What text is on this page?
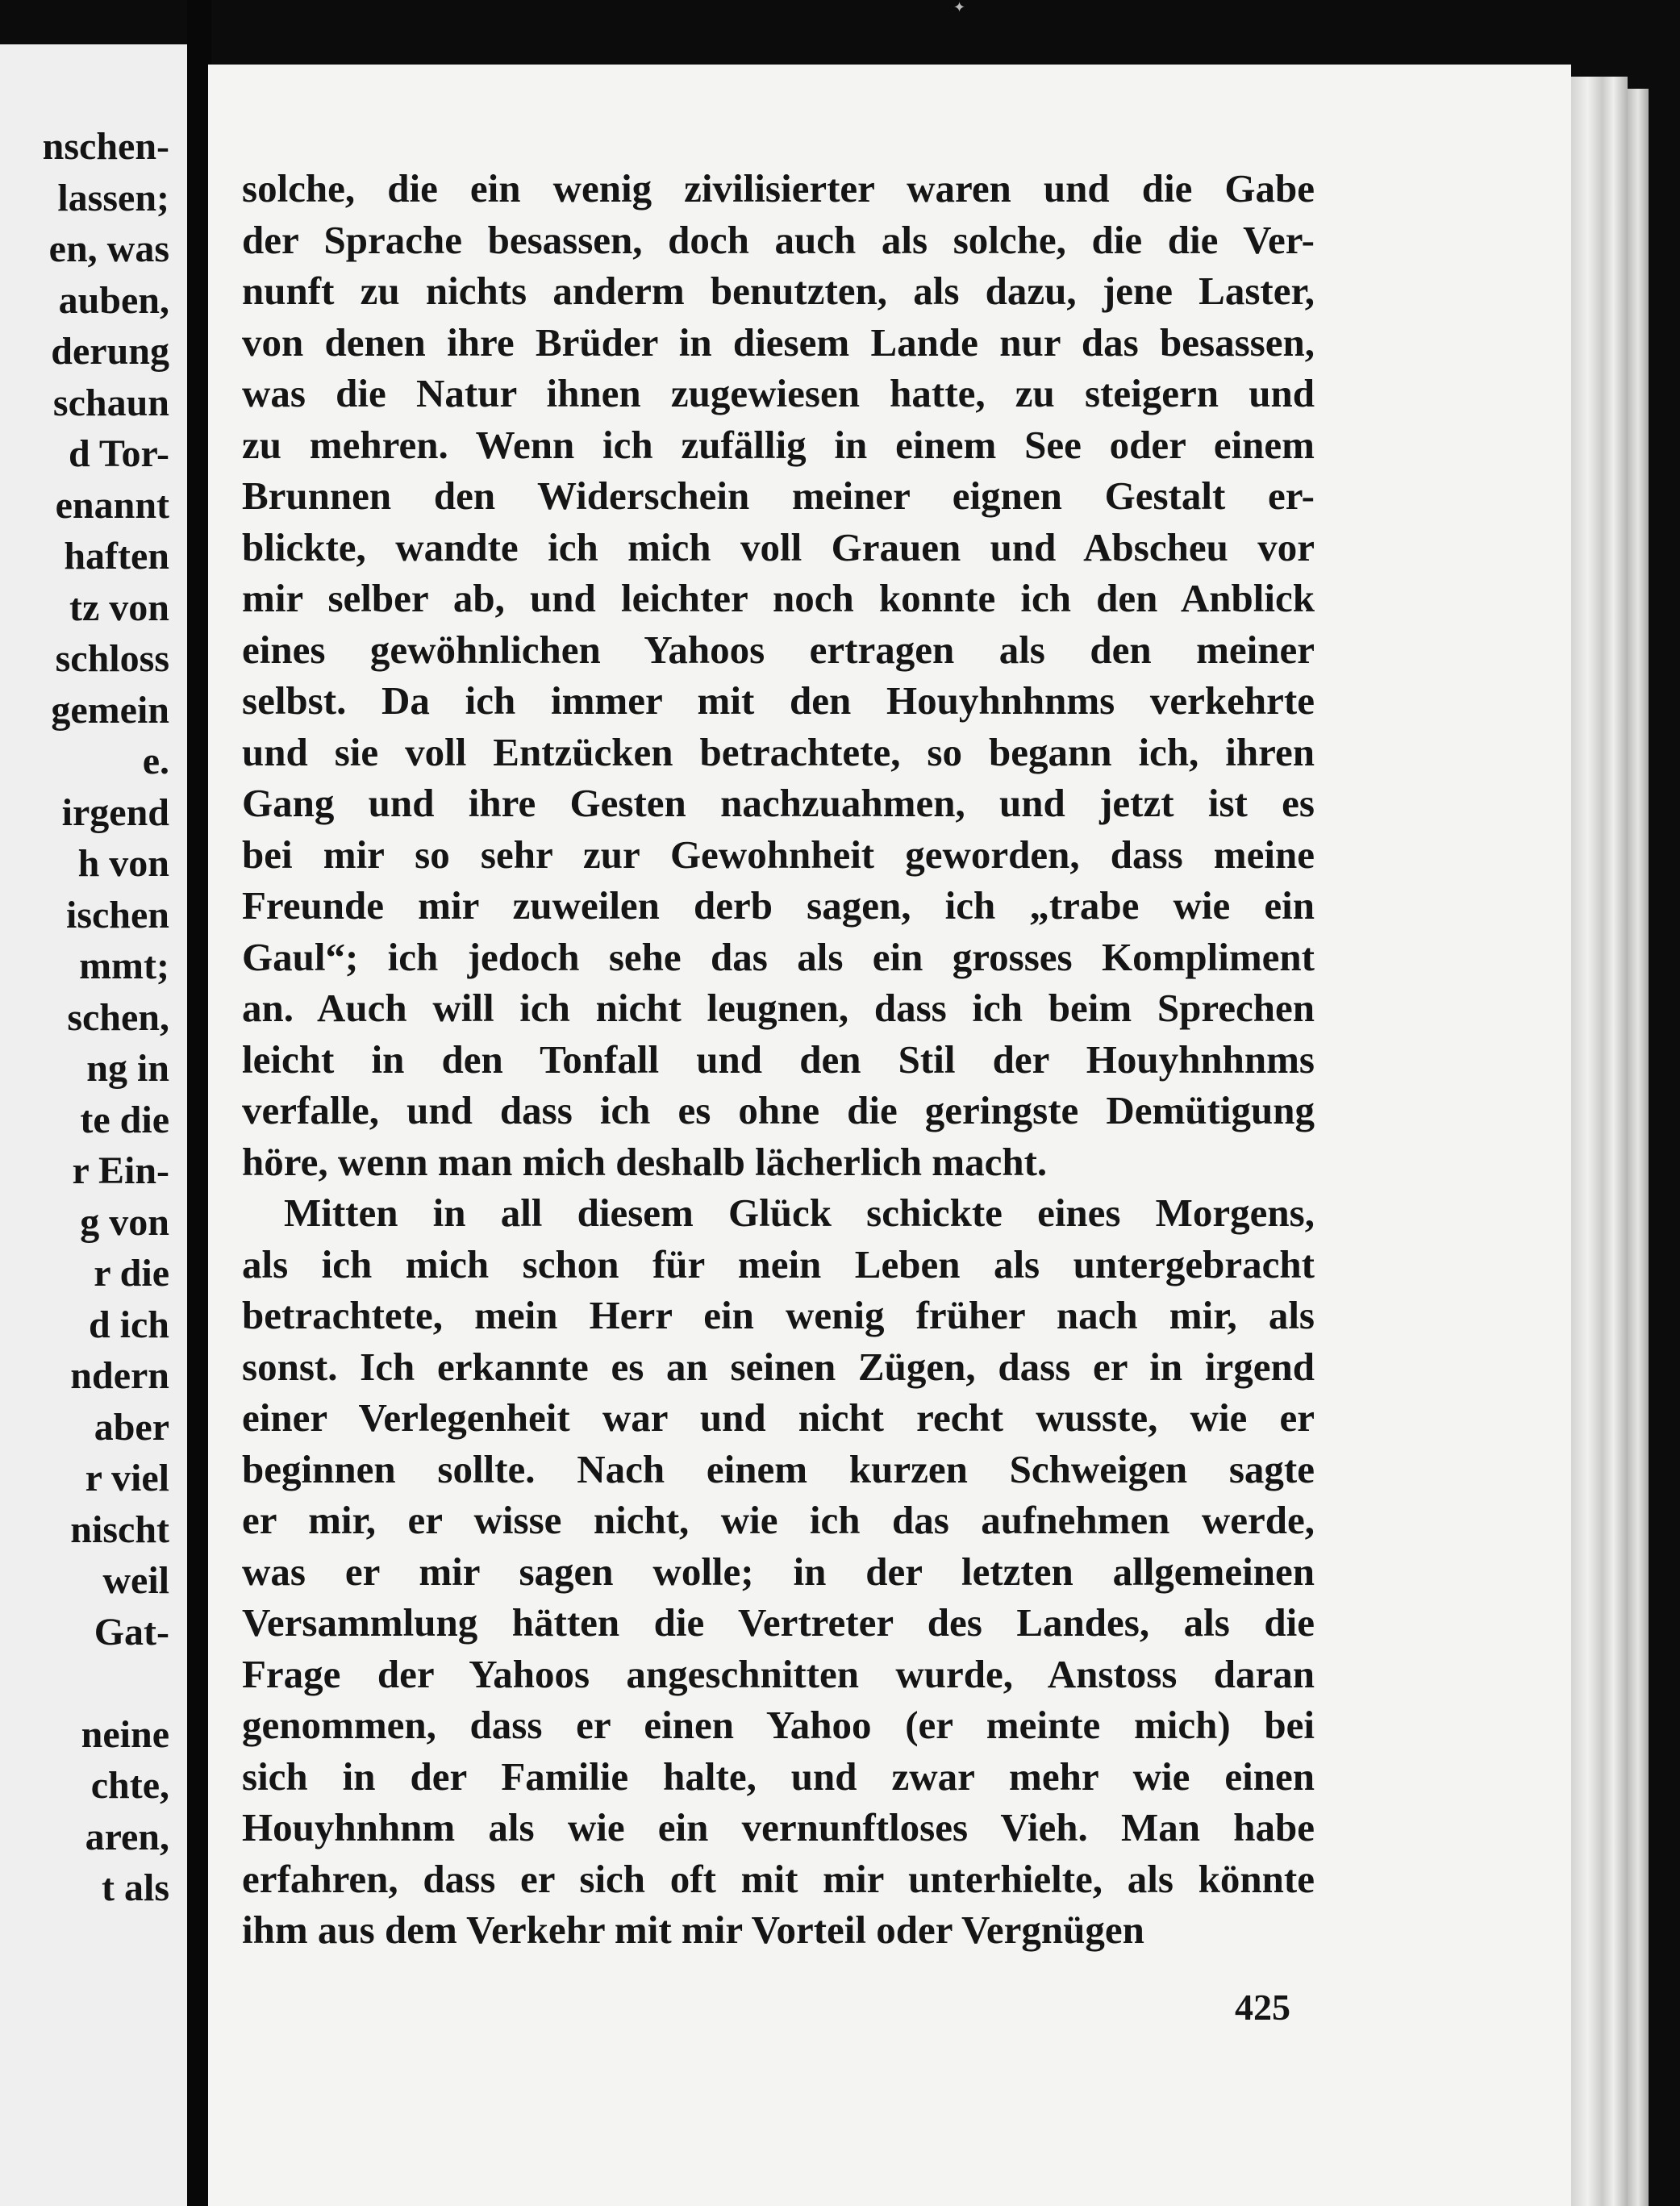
nschen-
lassen;
en, was
auben,
derung
schaun
d Tor-
enannt
haften
tz von
schloss
gemein
e.
irgend
h von
ischen
mmt;
schen,
ng in
te die
r Ein-
g von
r die
d ich
ndern
aber
r viel
nischt
weil
Gat-
neine
chte,
aren,
t als
✦
solche, die ein wenig zivilisierter waren und die Gabe
der Sprache besassen, doch auch als solche, die die Ver-
nunft zu nichts anderm benutzten, als dazu, jene Laster,
von denen ihre Brüder in diesem Lande nur das besassen,
was die Natur ihnen zugewiesen hatte, zu steigern und
zu mehren. Wenn ich zufällig in einem See oder einem
Brunnen den Widerschein meiner eignen Gestalt er-
blickte, wandte ich mich voll Grauen und Abscheu vor
mir selber ab, und leichter noch konnte ich den Anblick
eines gewöhnlichen Yahoos ertragen als den meiner
selbst. Da ich immer mit den Houyhnhnms verkehrte
und sie voll Entzücken betrachtete, so begann ich, ihren
Gang und ihre Gesten nachzuahmen, und jetzt ist es
bei mir so sehr zur Gewohnheit geworden, dass meine
Freunde mir zuweilen derb sagen, ich „trabe wie ein
Gaul“; ich jedoch sehe das als ein grosses Kompliment
an. Auch will ich nicht leugnen, dass ich beim Sprechen
leicht in den Tonfall und den Stil der Houyhnhnms
verfalle, und dass ich es ohne die geringste Demütigung
höre, wenn man mich deshalb lächerlich macht.
Mitten in all diesem Glück schickte eines Morgens,
als ich mich schon für mein Leben als untergebracht
betrachtete, mein Herr ein wenig früher nach mir, als
sonst. Ich erkannte es an seinen Zügen, dass er in irgend
einer Verlegenheit war und nicht recht wusste, wie er
beginnen sollte. Nach einem kurzen Schweigen sagte
er mir, er wisse nicht, wie ich das aufnehmen werde,
was er mir sagen wolle; in der letzten allgemeinen
Versammlung hätten die Vertreter des Landes, als die
Frage der Yahoos angeschnitten wurde, Anstoss daran
genommen, dass er einen Yahoo (er meinte mich) bei
sich in der Familie halte, und zwar mehr wie einen
Houyhnhnm als wie ein vernunftloses Vieh. Man habe
erfahren, dass er sich oft mit mir unterhielte, als könnte
ihm aus dem Verkehr mit mir Vorteil oder Vergnügen
425
